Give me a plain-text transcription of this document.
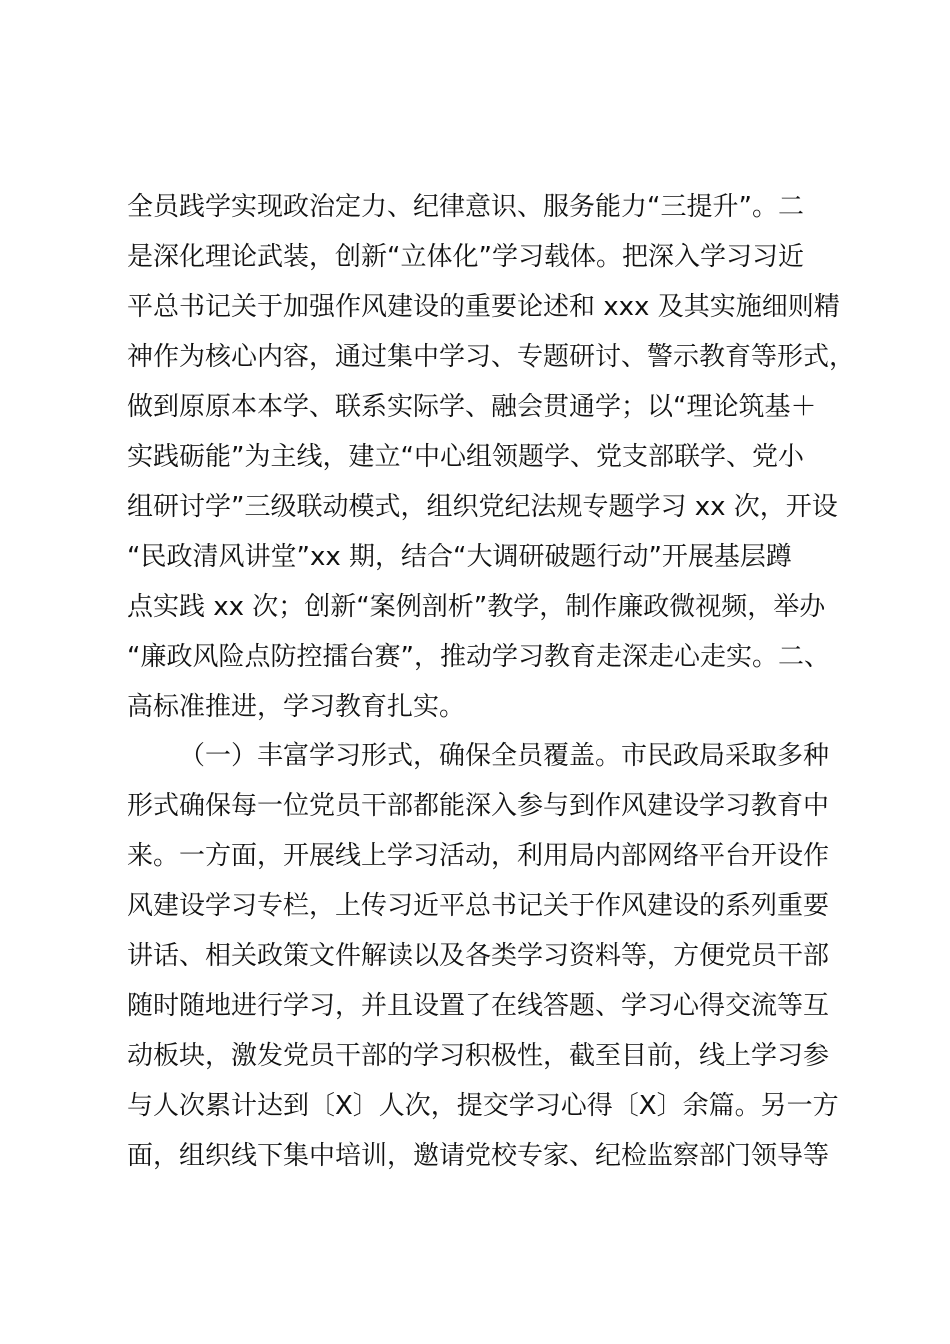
全员践学实现政治定力、纪律意识、服务能力“三提升”。二
是深化理论武装，创新“立体化”学习载体。把深入学习习近
平总书记关于加强作风建设的重要论述和 xxx 及其实施细则精
神作为核心内容，通过集中学习、专题研讨、警示教育等形式，
做到原原本本学、联系实际学、融会贯通学；以“理论筑基＋
实践砺能”为主线，建立“中心组领题学、党支部联学、党小
组研讨学”三级联动模式，组织党纪法规专题学习 xx 次，开设
“民政清风讲堂”xx 期，结合“大调研破题行动”开展基层蹲
点实践 xx 次；创新“案例剖析”教学，制作廉政微视频，举办
“廉政风险点防控擂台赛”，推动学习教育走深走心走实。二、
高标准推进，学习教育扎实。
（一）丰富学习形式，确保全员覆盖。市民政局采取多种
形式确保每一位党员干部都能深入参与到作风建设学习教育中
来。一方面，开展线上学习活动，利用局内部网络平台开设作
风建设学习专栏，上传习近平总书记关于作风建设的系列重要
讲话、相关政策文件解读以及各类学习资料等，方便党员干部
随时随地进行学习，并且设置了在线答题、学习心得交流等互
动板块，激发党员干部的学习积极性，截至目前，线上学习参
与人次累计达到〔X〕人次，提交学习心得〔X〕余篇。另一方
面，组织线下集中培训，邀请党校专家、纪检监察部门领导等
